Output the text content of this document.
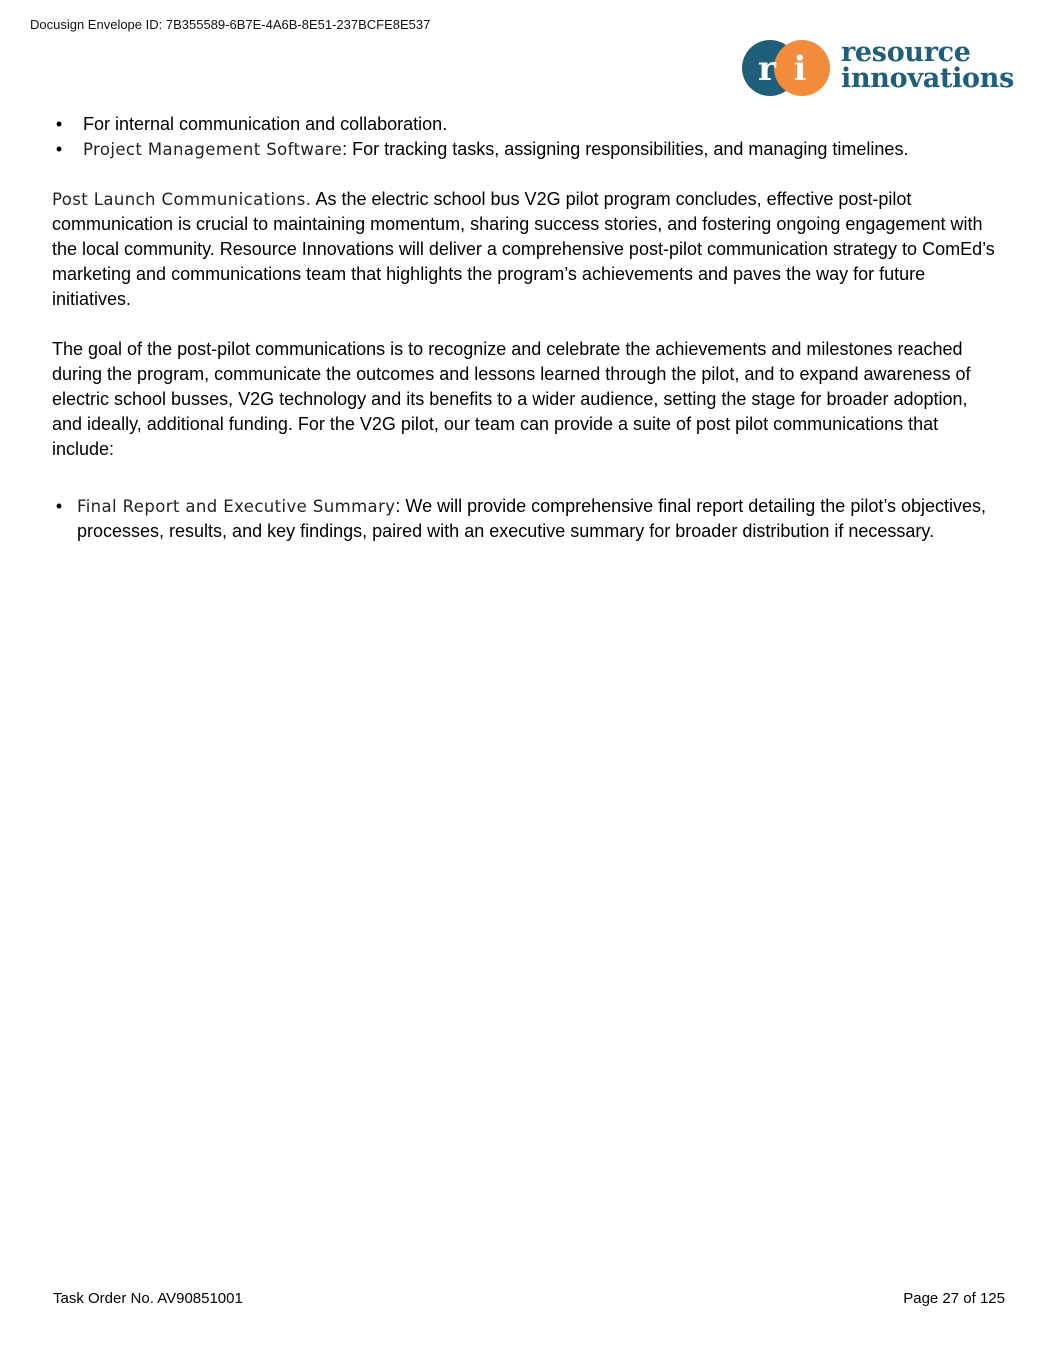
Docusign Envelope ID: 7B355589-6B7E-4A6B-8E51-237BCFE8E537
r i resource
innovations
• For internal communication and collaboration.
• Project Management Software: For tracking tasks, assigning responsibilities, and managing timelines.

Post Launch Communications. As the electric school bus V2G pilot program concludes, effective post-pilot communication is crucial to maintaining momentum, sharing success stories, and fostering ongoing engagement with the local community. Resource Innovations will deliver a comprehensive post-pilot communication strategy to ComEd’s marketing and communications team that highlights the program’s achievements and paves the way for future initiatives.

The goal of the post-pilot communications is to recognize and celebrate the achievements and milestones reached during the program, communicate the outcomes and lessons learned through the pilot, and to expand awareness of electric school busses, V2G technology and its benefits to a wider audience, setting the stage for broader adoption, and ideally, additional funding. For the V2G pilot, our team can provide a suite of post pilot communications that include:

• Final Report and Executive Summary: We will provide comprehensive final report detailing the pilot’s objectives, processes, results, and key findings, paired with an executive summary for broader distribution if necessary.
Task Order No. AV90851001	Page 27 of 125
